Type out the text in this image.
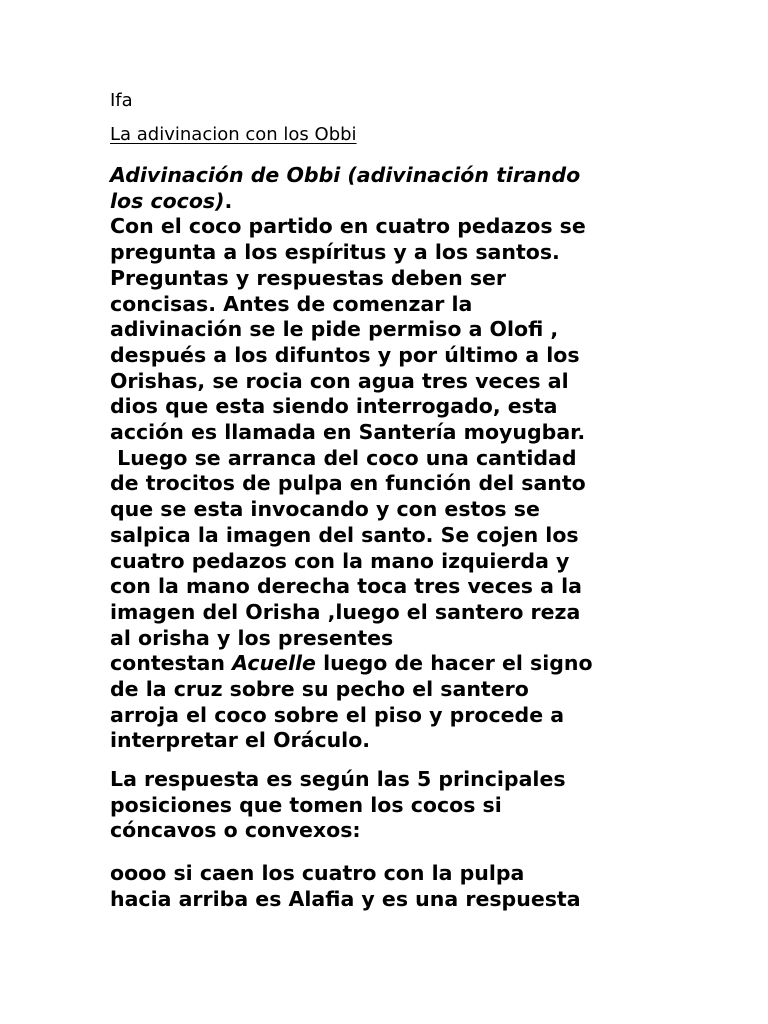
Ifa
La adivinacion con los Obbi
Adivinación de Obbi (adivinación tirando
los cocos).
Con el coco partido en cuatro pedazos se
pregunta a los espíritus y a los santos.
Preguntas y respuestas deben ser
concisas. Antes de comenzar la
adivinación se le pide permiso a Olofi ,
después a los difuntos y por último a los
Orishas, se rocia con agua tres veces al
dios que esta siendo interrogado, esta
acción es llamada en Santería moyugbar.
Luego se arranca del coco una cantidad
de trocitos de pulpa en función del santo
que se esta invocando y con estos se
salpica la imagen del santo. Se cojen los
cuatro pedazos con la mano izquierda y
con la mano derecha toca tres veces a la
imagen del Orisha ,luego el santero reza
al orisha y los presentes
contestan Acuelle luego de hacer el signo
de la cruz sobre su pecho el santero
arroja el coco sobre el piso y procede a
interpretar el Oráculo.
La respuesta es según las 5 principales
posiciones que tomen los cocos si
cóncavos o convexos:
oooo si caen los cuatro con la pulpa
hacia arriba es Alafia y es una respuesta
